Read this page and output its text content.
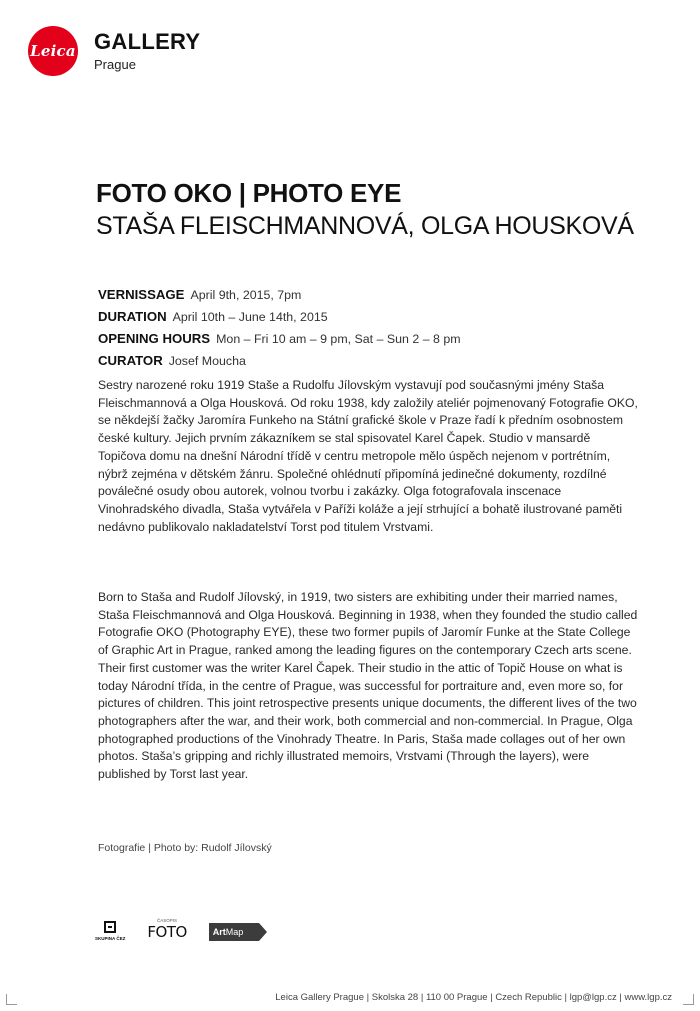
Leica GALLERY
Prague
FOTO OKO | PHOTO EYE
STAŠA FLEISCHMANNOVÁ, OLGA HOUSKOVÁ
VERNISSAGE April 9th, 2015, 7pm
DURATION April 10th – June 14th, 2015
OPENING HOURS Mon – Fri 10 am – 9 pm, Sat – Sun 2 – 8 pm
CURATOR Josef Moucha
Sestry narozené roku 1919 Staše a Rudolfu Jílovským vystavují pod současnými jmény Staša Fleischmannová a Olga Housková. Od roku 1938, kdy založily ateliér pojmenovaný Fotografie OKO, se někdejší žačky Jaromíra Funkeho na Státní grafické škole v Praze řadí k předním osobnostem české kultury. Jejich prvním zákazníkem se stal spisovatel Karel Čapek. Studio v mansardě Topičova domu na dnešní Národní třídě v centru metropole mělo úspěch nejenom v portrétním, nýbrž zejména v dětském žánru. Společné ohlédnutí připomíná jedinečné dokumenty, rozdílné poválečné osudy obou autorek, volnou tvorbu i zakázky. Olga fotografovala inscenace Vinohradského divadla, Staša vytvářela v Paříži koláže a její strhující a bohatě ilustrované paměti nedávno publikovalo nakladatelství Torst pod titulem Vrstvami.
Born to Staša and Rudolf Jílovský, in 1919, two sisters are exhibiting under their married names, Staša Fleischmannová and Olga Housková. Beginning in 1938, when they founded the studio called Fotografie OKO (Photography EYE), these two former pupils of Jaromír Funke at the State College of Graphic Art in Prague, ranked among the leading figures on the contemporary Czech arts scene. Their first customer was the writer Karel Čapek. Their studio in the attic of Topič House on what is today Národní třída, in the centre of Prague, was successful for portraiture and, even more so, for pictures of children. This joint retrospective presents unique documents, the different lives of the two photographers after the war, and their work, both commercial and non-commercial. In Prague, Olga photographed productions of the Vinohrady Theatre. In Paris, Staša made collages out of her own photos. Staša’s gripping and richly illustrated memoirs, Vrstvami (Through the layers), were published by Torst last year.
Fotografie | Photo by: Rudolf Jílovský
SKUPINA ČEZ
ČASOPIS
FOTO	ArtMap
Leica Gallery Prague | Skolska 28 | 110 00 Prague | Czech Republic | lgp@lgp.cz | www.lgp.cz
